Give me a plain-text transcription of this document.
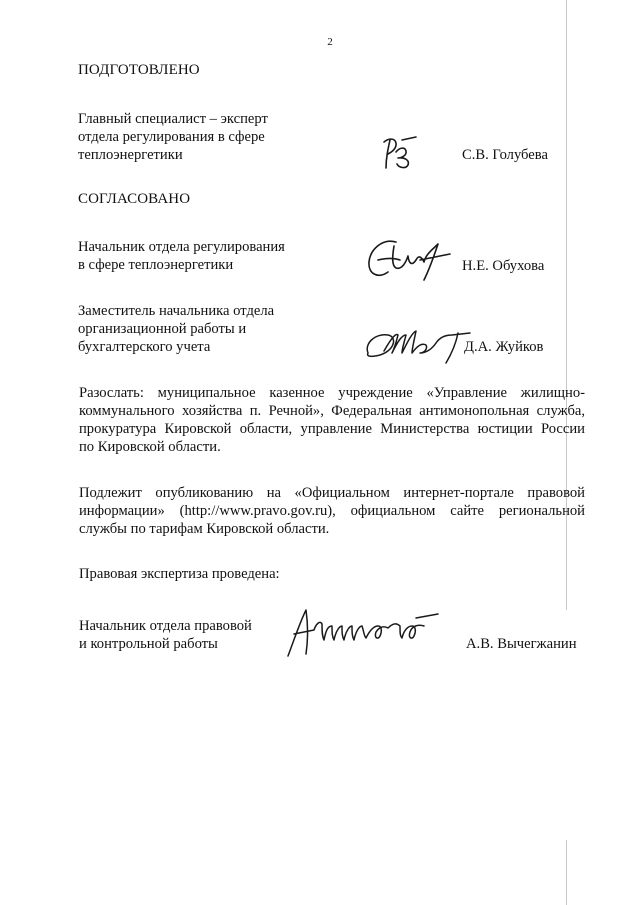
2
ПОДГОТОВЛЕНО
Главный специалист – эксперт
отдела регулирования в сфере
теплоэнергетики	С.В. Голубева
СОГЛАСОВАНО
Начальник отдела регулирования
в сфере теплоэнергетики	Н.Е. Обухова
Заместитель начальника отдела
организационной работы и
бухгалтерского учета	Д.А. Жуйков
Разослать: муниципальное казенное учреждение «Управление жилищно-
коммунального хозяйства п. Речной», Федеральная антимонопольная служба,
прокуратура Кировской области, управление Министерства юстиции России
по Кировской области.
Подлежит опубликованию на «Официальном интернет-портале правовой
информации» (http://www.pravo.gov.ru), официальном сайте региональной
службы по тарифам Кировской области.
Правовая экспертиза проведена:
Начальник отдела правовой
и контрольной работы	А.В. Вычегжанин
